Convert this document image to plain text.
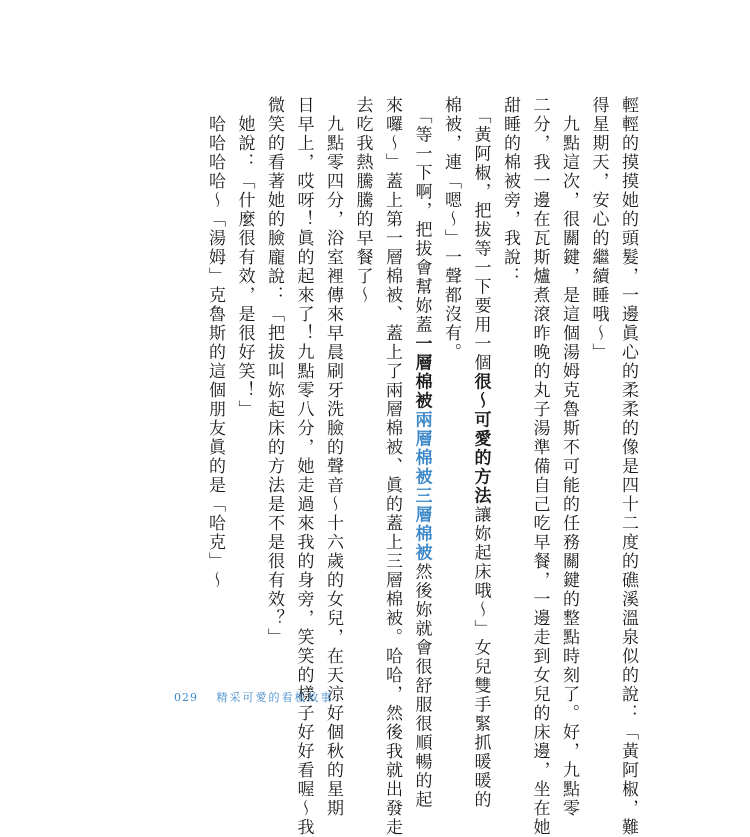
輕輕的摸摸她的頭髮，一邊眞心的柔柔的像是四十二度的礁溪溫泉似的說：「黃阿椒，難

得星期天，安心的繼續睡哦～」

　九點這次，很關鍵，是這個湯姆克魯斯不可能的任務關鍵的整點時刻了。好，九點零

二分，我一邊在瓦斯爐煮滾昨晚的丸子湯準備自己吃早餐，一邊走到女兒的床邊，坐在她

甜睡的棉被旁，我說：

　「黃阿椒，把拔等一下要用一個很～可愛的方法讓妳起床哦～」女兒雙手緊抓暖暖的

棉被，連「嗯～」一聲都沒有。

　「等一下啊，把拔會幫妳蓋一層棉被兩層棉被三層棉被然後妳就會很舒服很順暢的起

來囉～」蓋上第一層棉被、蓋上了兩層棉被、眞的蓋上三層棉被。哈哈，然後我就出發走

去吃我熱騰騰的早餐了～

　九點零四分，浴室裡傳來早晨刷牙洗臉的聲音～十六歲的女兒，在天涼好個秋的星期

日早上，哎呀！眞的起來了！九點零八分，她走過來我的身旁，笑笑的樣子好好看喔～我

微笑的看著她的臉龐說：「把拔叫妳起床的方法是不是很有效？」

　她說：「什麼很有效，是很好笑！」

　哈哈哈哈～「湯姆」克魯斯的這個朋友眞的是「哈克」～

029 精采可愛的看板故事
